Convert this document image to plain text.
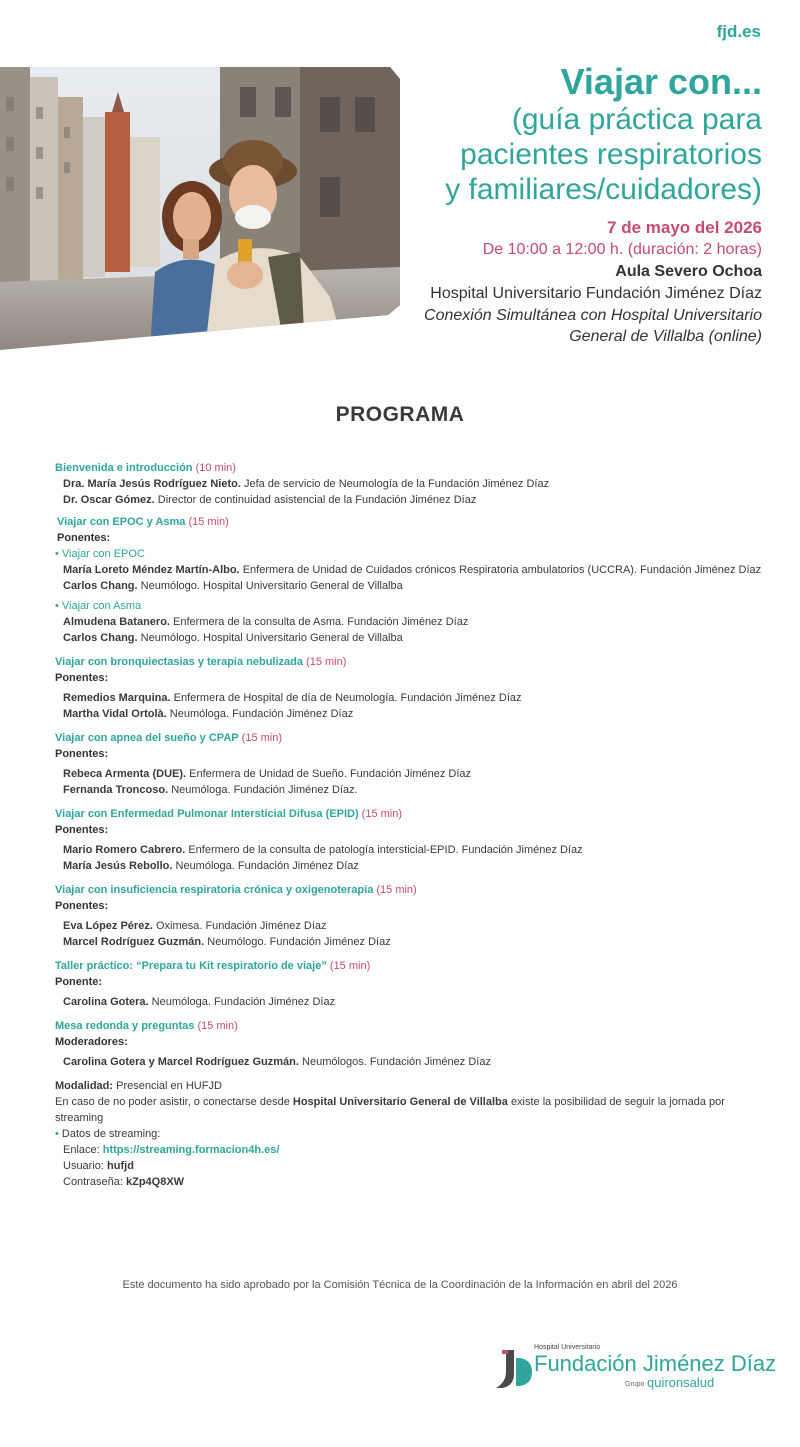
fjd.es
Viajar con...
(guía práctica para
pacientes respiratorios
y familiares/cuidadores)
7 de mayo del 2026
De 10:00 a 12:00 h. (duración: 2 horas)
Aula Severo Ochoa
Hospital Universitario Fundación Jiménez Díaz
Conexión Simultánea con Hospital Universitario
General de Villalba (online)
PROGRAMA
Bienvenida e introducción (10 min)
Dra. María Jesús Rodríguez Nieto. Jefa de servicio de Neumología de la Fundación Jiménez Díaz
Dr. Oscar Gómez. Director de continuidad asistencial de la Fundación Jiménez Díaz
Viajar con EPOC y Asma (15 min)
Ponentes:
• Viajar con EPOC
María Loreto Méndez Martín-Albo. Enfermera de Unidad de Cuidados crónicos Respiratoria ambulatorios (UCCRA). Fundación Jiménez Díaz
Carlos Chang. Neumólogo. Hospital Universitario General de Villalba
• Viajar con Asma
Almudena Batanero. Enfermera de la consulta de Asma. Fundación Jiménez Díaz
Carlos Chang. Neumólogo. Hospital Universitario General de Villalba
Viajar con bronquiectasias y terapia nebulizada (15 min)
Ponentes:
Remedios Marquina. Enfermera de Hospital de día de Neumología. Fundación Jiménez Díaz
Martha Vidal Ortolà. Neumóloga. Fundación Jiménez Díaz
Viajar con apnea del sueño y CPAP (15 min)
Ponentes:
Rebeca Armenta (DUE). Enfermera de Unidad de Sueño. Fundación Jiménez Díaz
Fernanda Troncoso. Neumóloga. Fundación Jiménez Díaz.
Viajar con Enfermedad Pulmonar Intersticial Difusa (EPID) (15 min)
Ponentes:
Mario Romero Cabrero. Enfermero de la consulta de patología intersticial-EPID. Fundación Jiménez Díaz
María Jesús Rebollo. Neumóloga. Fundación Jiménez Díaz
Viajar con insuficiencia respiratoria crónica y oxigenoterapia (15 min)
Ponentes:
Eva López Pérez. Oximesa. Fundación Jiménez Díaz
Marcel Rodríguez Guzmán. Neumólogo. Fundación Jiménez Díaz
Taller práctico: “Prepara tu Kit respiratorio de viaje” (15 min)
Ponente:
Carolina Gotera. Neumóloga. Fundación Jiménez Díaz
Mesa redonda y preguntas (15 min)
Moderadores:
Carolina Gotera y Marcel Rodríguez Guzmán. Neumólogos. Fundación Jiménez Díaz
Modalidad: Presencial en HUFJD
En caso de no poder asistir, o conectarse desde Hospital Universitario General de Villalba existe la posibilidad de seguir la jornada por
streaming
• Datos de streaming:
Enlace: https://streaming.formacion4h.es/
Usuario: hufjd
Contraseña: kZp4Q8XW
Este documento ha sido aprobado por la Comisión Técnica de la Coordinación de la Información en abril del 2026
Hospital Universitario
Fundación Jiménez Díaz
Grupo quironsalud
